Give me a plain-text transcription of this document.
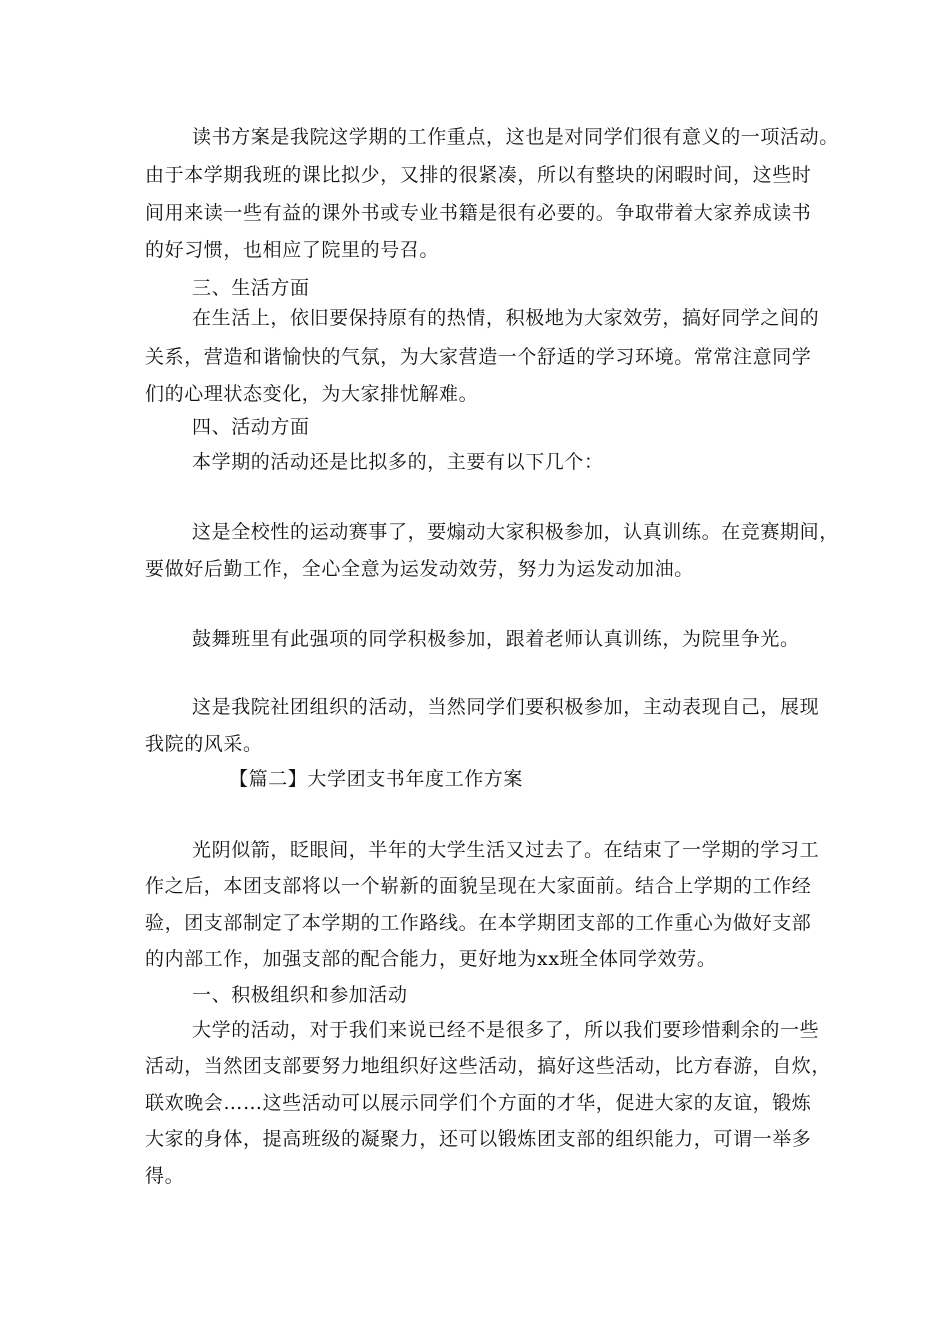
读书方案是我院这学期的工作重点，这也是对同学们很有意义的一项活动。
由于本学期我班的课比拟少，又排的很紧凑，所以有整块的闲暇时间，这些时
间用来读一些有益的课外书或专业书籍是很有必要的。争取带着大家养成读书
的好习惯，也相应了院里的号召。
三、生活方面
在生活上，依旧要保持原有的热情，积极地为大家效劳，搞好同学之间的
关系，营造和谐愉快的气氛，为大家营造一个舒适的学习环境。常常注意同学
们的心理状态变化，为大家排忧解难。
四、活动方面
本学期的活动还是比拟多的，主要有以下几个：
这是全校性的运动赛事了，要煽动大家积极参加，认真训练。在竞赛期间，
要做好后勤工作，全心全意为运发动效劳，努力为运发动加油。
鼓舞班里有此强项的同学积极参加，跟着老师认真训练，为院里争光。
这是我院社团组织的活动，当然同学们要积极参加，主动表现自己，展现
我院的风采。
【篇二】大学团支书年度工作方案
光阴似箭，眨眼间，半年的大学生活又过去了。在结束了一学期的学习工
作之后，本团支部将以一个崭新的面貌呈现在大家面前。结合上学期的工作经
验，团支部制定了本学期的工作路线。在本学期团支部的工作重心为做好支部
的内部工作，加强支部的配合能力，更好地为xx班全体同学效劳。
一、积极组织和参加活动
大学的活动，对于我们来说已经不是很多了，所以我们要珍惜剩余的一些
活动，当然团支部要努力地组织好这些活动，搞好这些活动，比方春游，自炊，
联欢晚会……这些活动可以展示同学们个方面的才华，促进大家的友谊，锻炼
大家的身体，提高班级的凝聚力，还可以锻炼团支部的组织能力，可谓一举多
得。
